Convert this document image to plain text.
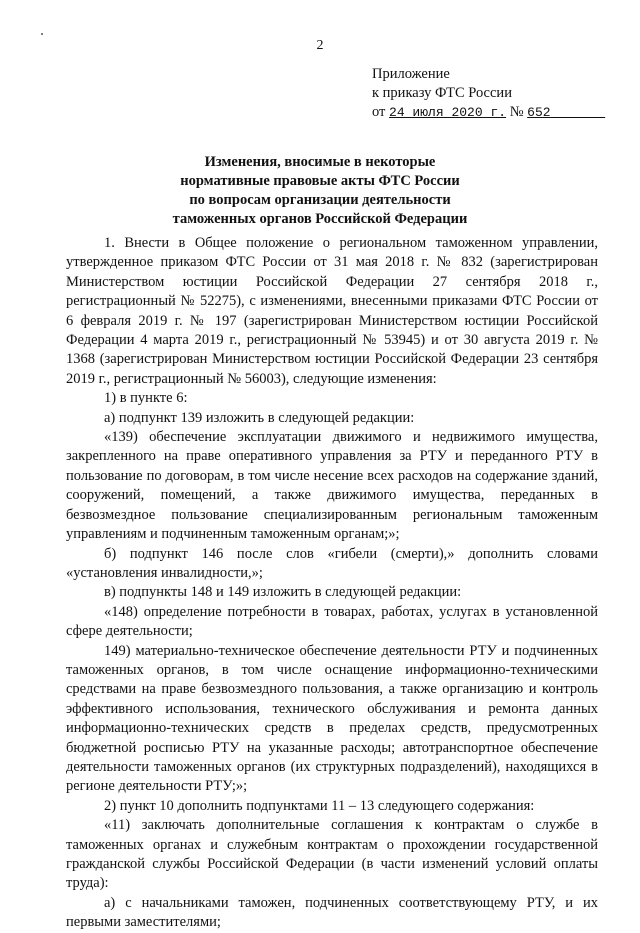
2
Приложение
к приказу ФТС России
от 24 июля 2020 г. № 652
Изменения, вносимые в некоторые
нормативные правовые акты ФТС России
по вопросам организации деятельности
таможенных органов Российской Федерации

1. Внести в Общее положение о региональном таможенном управлении, утвержденное приказом ФТС России от 31 мая 2018 г. № 832 (зарегистрирован Министерством юстиции Российской Федерации 27 сентября 2018 г., регистрационный № 52275), с изменениями, внесенными приказами ФТС России от 6 февраля 2019 г. № 197 (зарегистрирован Министерством юстиции Российской Федерации 4 марта 2019 г., регистрационный № 53945) и от 30 августа 2019 г. № 1368 (зарегистрирован Министерством юстиции Российской Федерации 23 сентября 2019 г., регистрационный № 56003), следующие изменения:

1) в пункте 6:

а) подпункт 139 изложить в следующей редакции:

«139) обеспечение эксплуатации движимого и недвижимого имущества, закрепленного на праве оперативного управления за РТУ и переданного РТУ в пользование по договорам, в том числе несение всех расходов на содержание зданий, сооружений, помещений, а также движимого имущества, переданных в безвозмездное пользование специализированным региональным таможенным управлениям и подчиненным таможенным органам;»;

б) подпункт 146 после слов «гибели (смерти),» дополнить словами «установления инвалидности,»;

в) подпункты 148 и 149 изложить в следующей редакции:

«148) определение потребности в товарах, работах, услугах в установленной сфере деятельности;

149) материально-техническое обеспечение деятельности РТУ и подчиненных таможенных органов, в том числе оснащение информационно-техническими средствами на праве безвозмездного пользования, а также организацию и контроль эффективного использования, технического обслуживания и ремонта данных информационно-технических средств в пределах средств, предусмотренных бюджетной росписью РТУ на указанные расходы; автотранспортное обеспечение деятельности таможенных органов (их структурных подразделений), находящихся в регионе деятельности РТУ;»;

2) пункт 10 дополнить подпунктами 11 – 13 следующего содержания:

«11) заключать дополнительные соглашения к контрактам о службе в таможенных органах и служебным контрактам о прохождении государственной гражданской службы Российской Федерации (в части изменений условий оплаты труда):

а) с начальниками таможен, подчиненных соответствующему РТУ, и их первыми заместителями;
